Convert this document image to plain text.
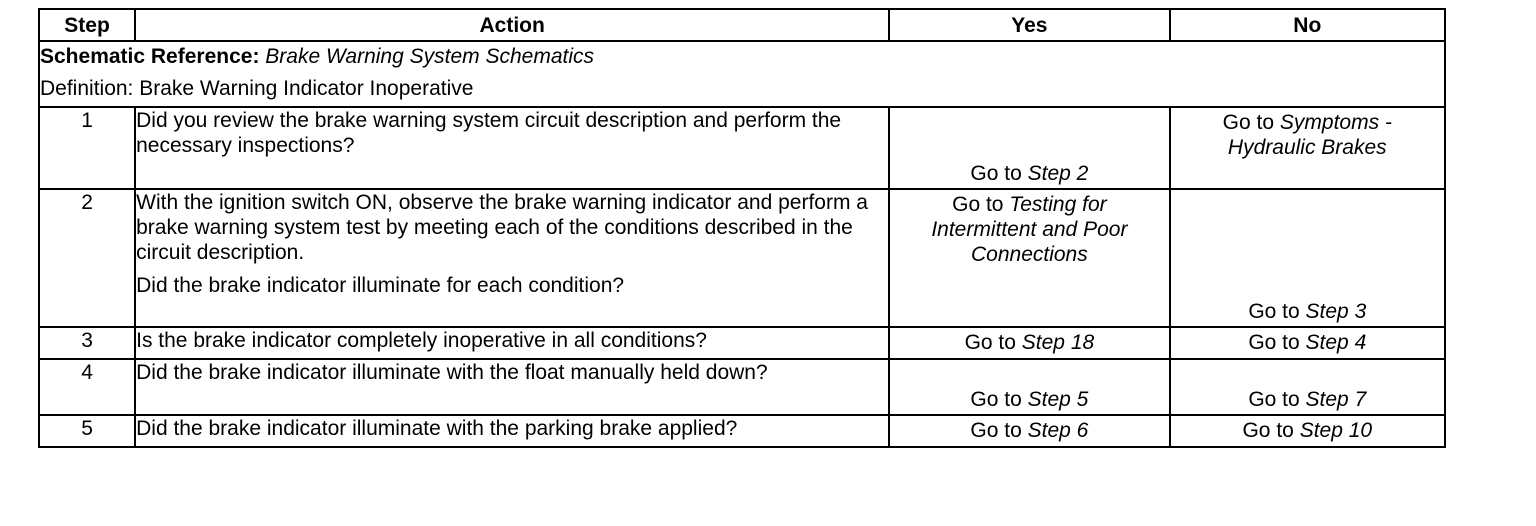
Step	Action	Yes	No

Schematic Reference: Brake Warning System Schematics
Definition: Brake Warning Indicator Inoperative			

1	Did you review the brake warning system circuit description and perform the necessary inspections?	Go to Step 2	Go to Symptoms - Hydraulic Brakes

2	With the ignition switch ON, observe the brake warning indicator and perform a brake warning system test by meeting each of the conditions described in the circuit description.
Did the brake indicator illuminate for each condition?	Go to Testing for Intermittent and Poor Connections	Go to Step 3

3	Is the brake indicator completely inoperative in all conditions?	Go to Step 18	Go to Step 4

4	Did the brake indicator illuminate with the float manually held down?	Go to Step 5	Go to Step 7

5	Did the brake indicator illuminate with the parking brake applied?	Go to Step 6	Go to Step 10
